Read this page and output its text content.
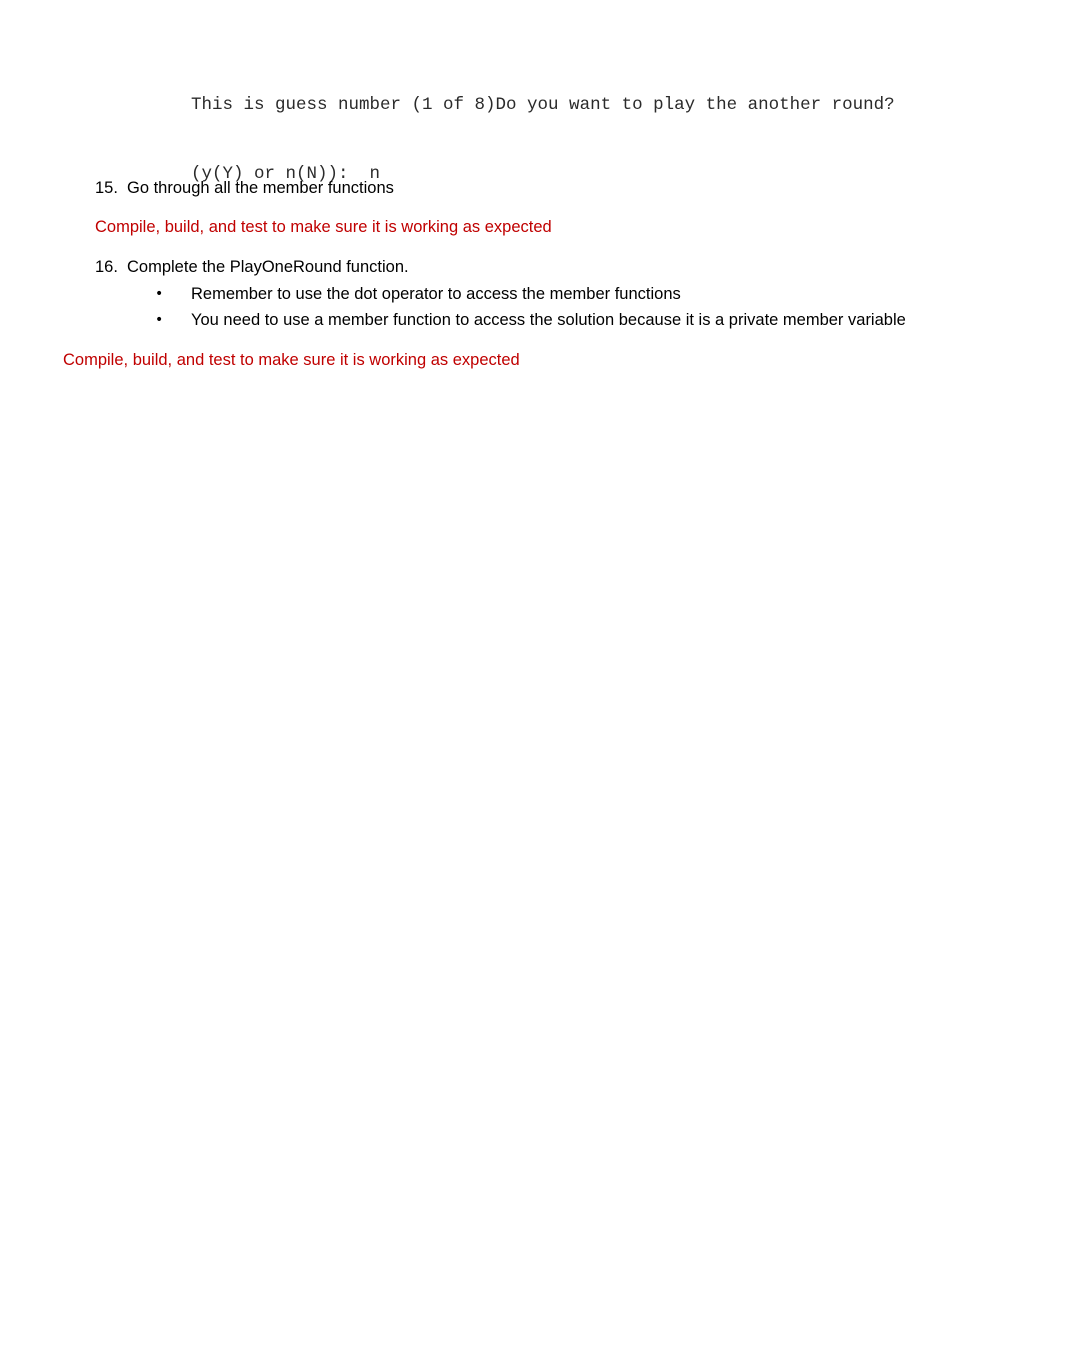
This is guess number (1 of 8)Do you want to play the another round?

(y(Y) or n(N)):  n

15. Go through all the member functions
Compile, build, and test to make sure it is working as expected
16. Complete the PlayOneRound function.
• Remember to use the dot operator to access the member functions
• You need to use a member function to access the solution because it is a private member variable
Compile, build, and test to make sure it is working as expected
